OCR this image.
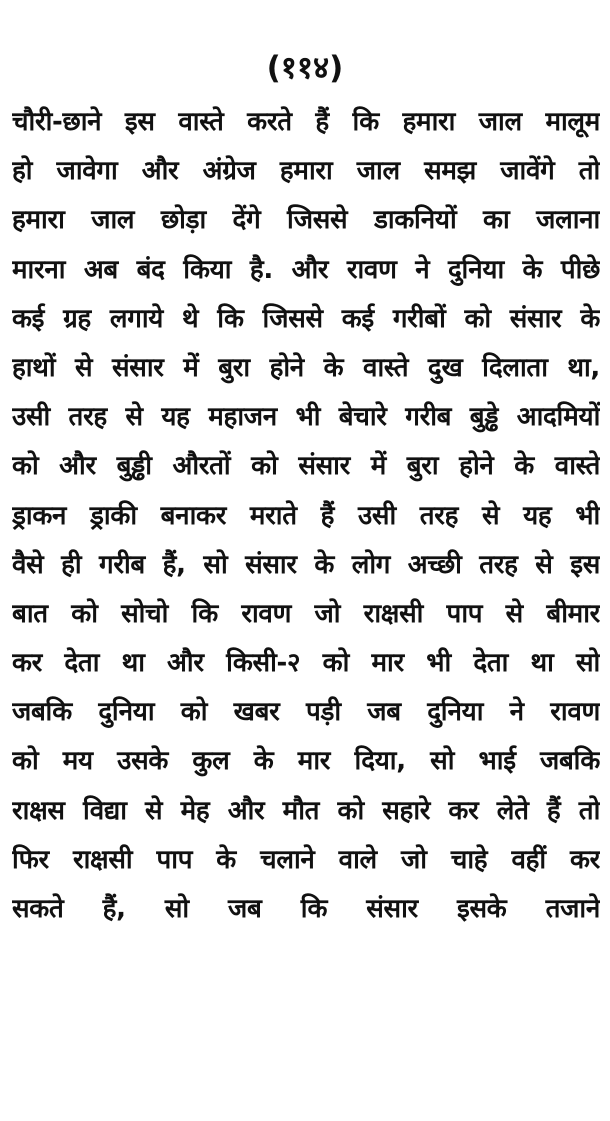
(११४)
चौरी-छाने इस वास्ते करते हैं कि हमारा जाल मालूम
हो जावेगा और अंग्रेज हमारा जाल समझ जावेंगे तो
हमारा जाल छोड़ा देंगे जिससे डाकनियों का जलाना
मारना अब बंद किया है. और रावण ने दुनिया के पीछे
कई ग्रह लगाये थे कि जिससे कई गरीबों को संसार के
हाथों से संसार में बुरा होने के वास्ते दुख दिलाता था,
उसी तरह से यह महाजन भी बेचारे गरीब बुड्ढे आदमियों
को और बुड्ढी औरतों को संसार में बुरा होने के वास्ते
ड्राकन ड्राकी बनाकर मराते हैं उसी तरह से यह भी
वैसे ही गरीब हैं, सो संसार के लोग अच्छी तरह से इस
बात को सोचो कि रावण जो राक्षसी पाप से बीमार
कर देता था और किसी-२ को मार भी देता था सो
जबकि दुनिया को खबर पड़ी जब दुनिया ने रावण
को मय उसके कुल के मार दिया, सो भाई जबकि
राक्षस विद्या से मेह और मौत को सहारे कर लेते हैं तो
फिर राक्षसी पाप के चलाने वाले जो चाहे वहीं कर
सकते हैं, सो जब कि संसार इसके तजाने
